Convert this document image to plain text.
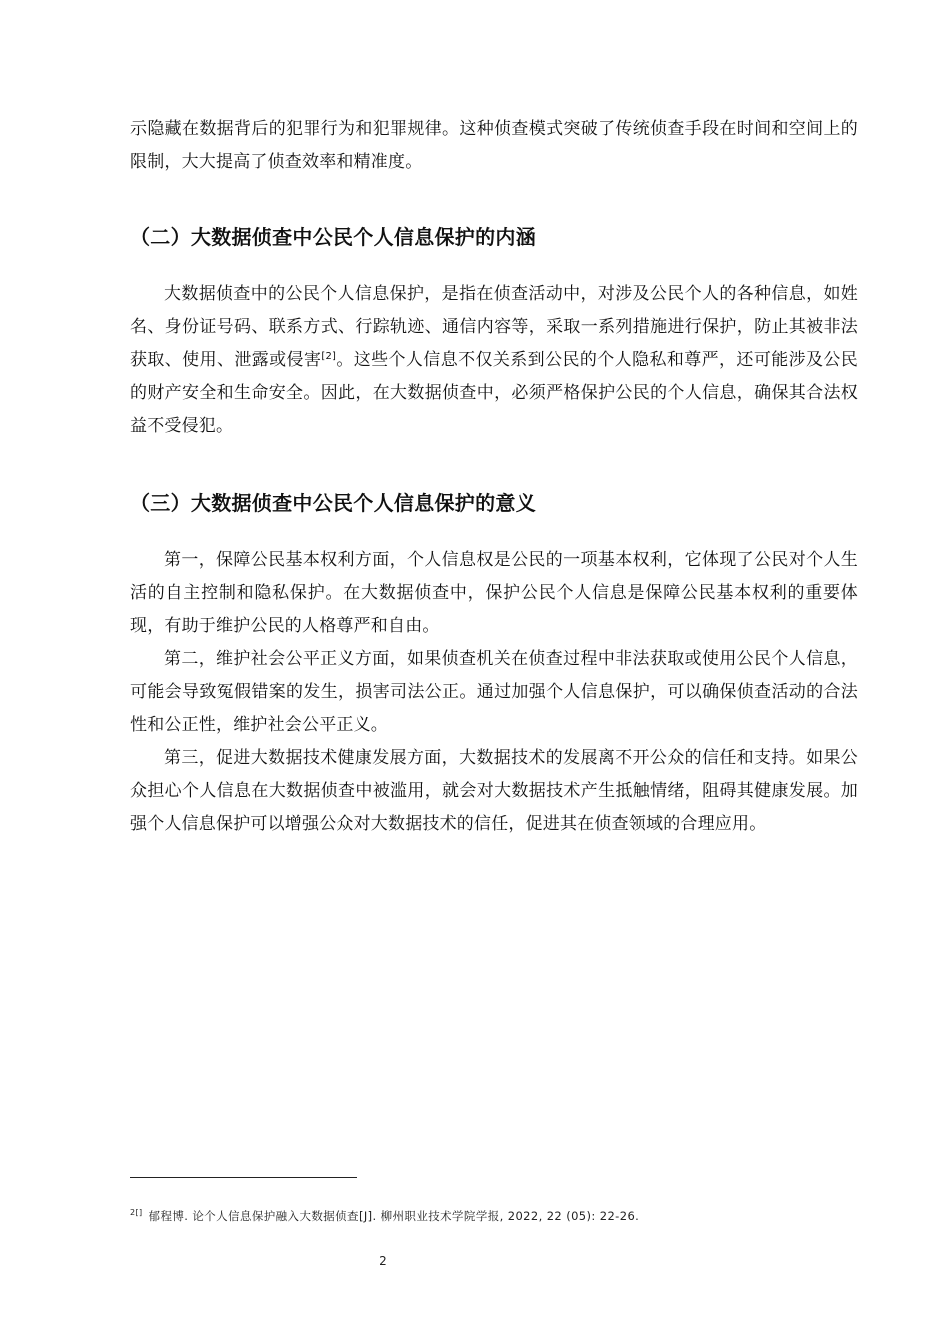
示隐藏在数据背后的犯罪行为和犯罪规律。这种侦查模式突破了传统侦查手段在时间和空间上的限制，大大提高了侦查效率和精准度。

（二）大数据侦查中公民个人信息保护的内涵

大数据侦查中的公民个人信息保护，是指在侦查活动中，对涉及公民个人的各种信息，如姓名、身份证号码、联系方式、行踪轨迹、通信内容等，采取一系列措施进行保护，防止其被非法获取、使用、泄露或侵害[2]。这些个人信息不仅关系到公民的个人隐私和尊严，还可能涉及公民的财产安全和生命安全。因此，在大数据侦查中，必须严格保护公民的个人信息，确保其合法权益不受侵犯。

（三）大数据侦查中公民个人信息保护的意义

第一，保障公民基本权利方面，个人信息权是公民的一项基本权利，它体现了公民对个人生活的自主控制和隐私保护。在大数据侦查中，保护公民个人信息是保障公民基本权利的重要体现，有助于维护公民的人格尊严和自由。

第二，维护社会公平正义方面，如果侦查机关在侦查过程中非法获取或使用公民个人信息，可能会导致冤假错案的发生，损害司法公正。通过加强个人信息保护，可以确保侦查活动的合法性和公正性，维护社会公平正义。

第三，促进大数据技术健康发展方面，大数据技术的发展离不开公众的信任和支持。如果公众担心个人信息在大数据侦查中被滥用，就会对大数据技术产生抵触情绪，阻碍其健康发展。加强个人信息保护可以增强公众对大数据技术的信任，促进其在侦查领域的合理应用。

$^{2[]}$ 郁程博. 论个人信息保护融入大数据侦查[J]. 柳州职业技术学院学报, 2022, 22 (05): 22-26.
2
